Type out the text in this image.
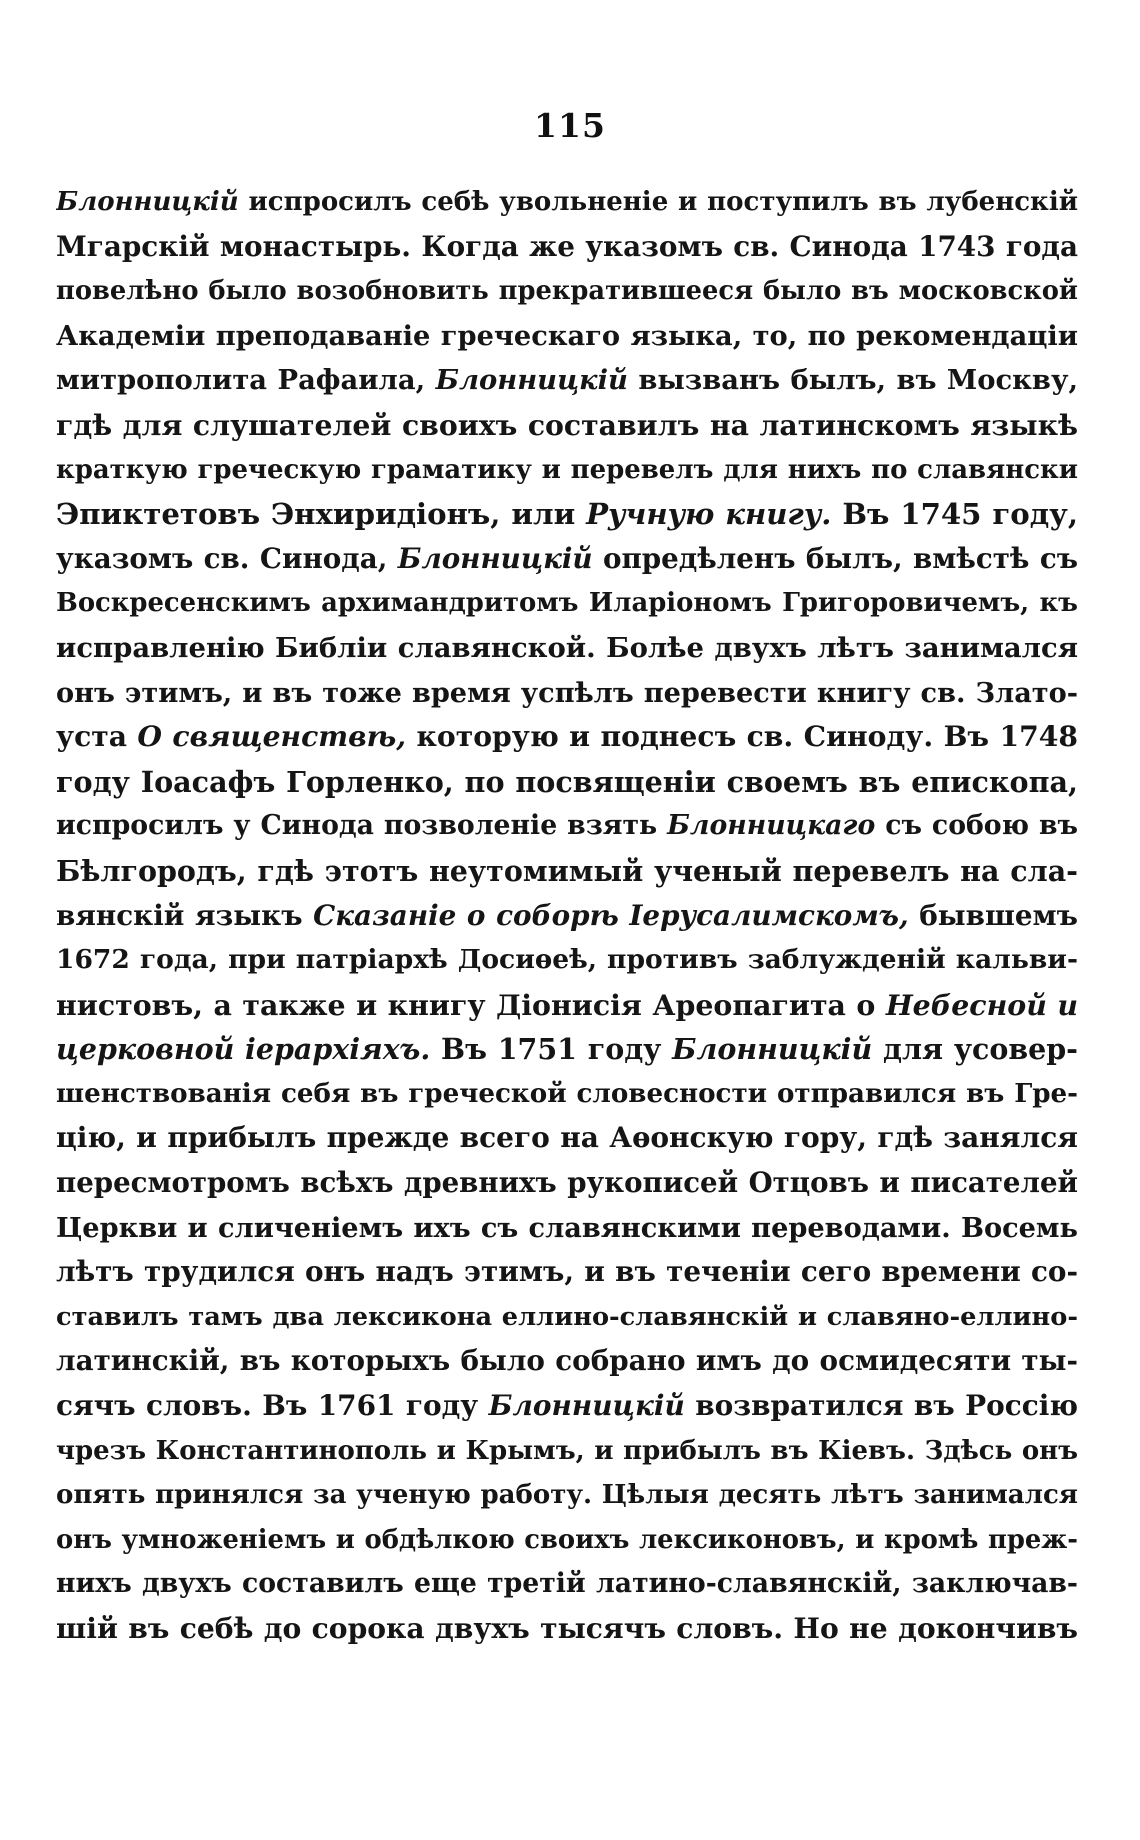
115
Блонницкій испросилъ себѣ увольненіе и поступилъ въ лубенскій
Мгарскій монастырь. Когда же указомъ св. Синода 1743 года
повелѣно было возобновить прекратившееся было въ московской
Академіи преподаваніе греческаго языка, то, по рекомендаціи
митрополита Рафаила, Блонницкій вызванъ былъ, въ Москву,
гдѣ для слушателей своихъ составилъ на латинскомъ языкѣ
краткую греческую граматику и перевелъ для нихъ по славянски
Эпиктетовъ Энхиридіонъ, или Ручную книгу. Въ 1745 году,
указомъ св. Синода, Блонницкій опредѣленъ былъ, вмѣстѣ съ
Воскресенскимъ архимандритомъ Иларіономъ Григоровичемъ, къ
исправленію Библіи славянской. Болѣе двухъ лѣтъ занимался
онъ этимъ, и въ тоже время успѣлъ перевести книгу св. Злато-
уста О священствѣ, которую и поднесъ св. Синоду. Въ 1748
году Іоасафъ Горленко, по посвященіи своемъ въ епископа,
испросилъ у Синода позволеніе взять Блонницкаго съ собою въ
Бѣлгородъ, гдѣ этотъ неутомимый ученый перевелъ на сла-
вянскій языкъ Сказаніе о соборѣ Іерусалимскомъ, бывшемъ
1672 года, при патріархѣ Досиѳеѣ, противъ заблужденій кальви-
нистовъ, а также и книгу Діонисія Ареопагита о Небесной и
церковной іерархіяхъ. Въ 1751 году Блонницкій для усовер-
шенствованія себя въ греческой словесности отправился въ Гре-
цію, и прибылъ прежде всего на Аѳонскую гору, гдѣ занялся
пересмотромъ всѣхъ древнихъ рукописей Отцовъ и писателей
Церкви и сличеніемъ ихъ съ славянскими переводами. Восемь
лѣтъ трудился онъ надъ этимъ, и въ теченіи сего времени со-
ставилъ тамъ два лексикона еллино-славянскій и славяно-еллино-
латинскій, въ которыхъ было собрано имъ до осмидесяти ты-
сячъ словъ. Въ 1761 году Блонницкій возвратился въ Россію
чрезъ Константинополь и Крымъ, и прибылъ въ Кіевъ. Здѣсь онъ
опять принялся за ученую работу. Цѣлыя десять лѣтъ занимался
онъ умноженіемъ и обдѣлкою своихъ лексиконовъ, и кромѣ преж-
нихъ двухъ составилъ еще третій латино-славянскій, заключав-
шій въ себѣ до сорока двухъ тысячъ словъ. Но не докончивъ
